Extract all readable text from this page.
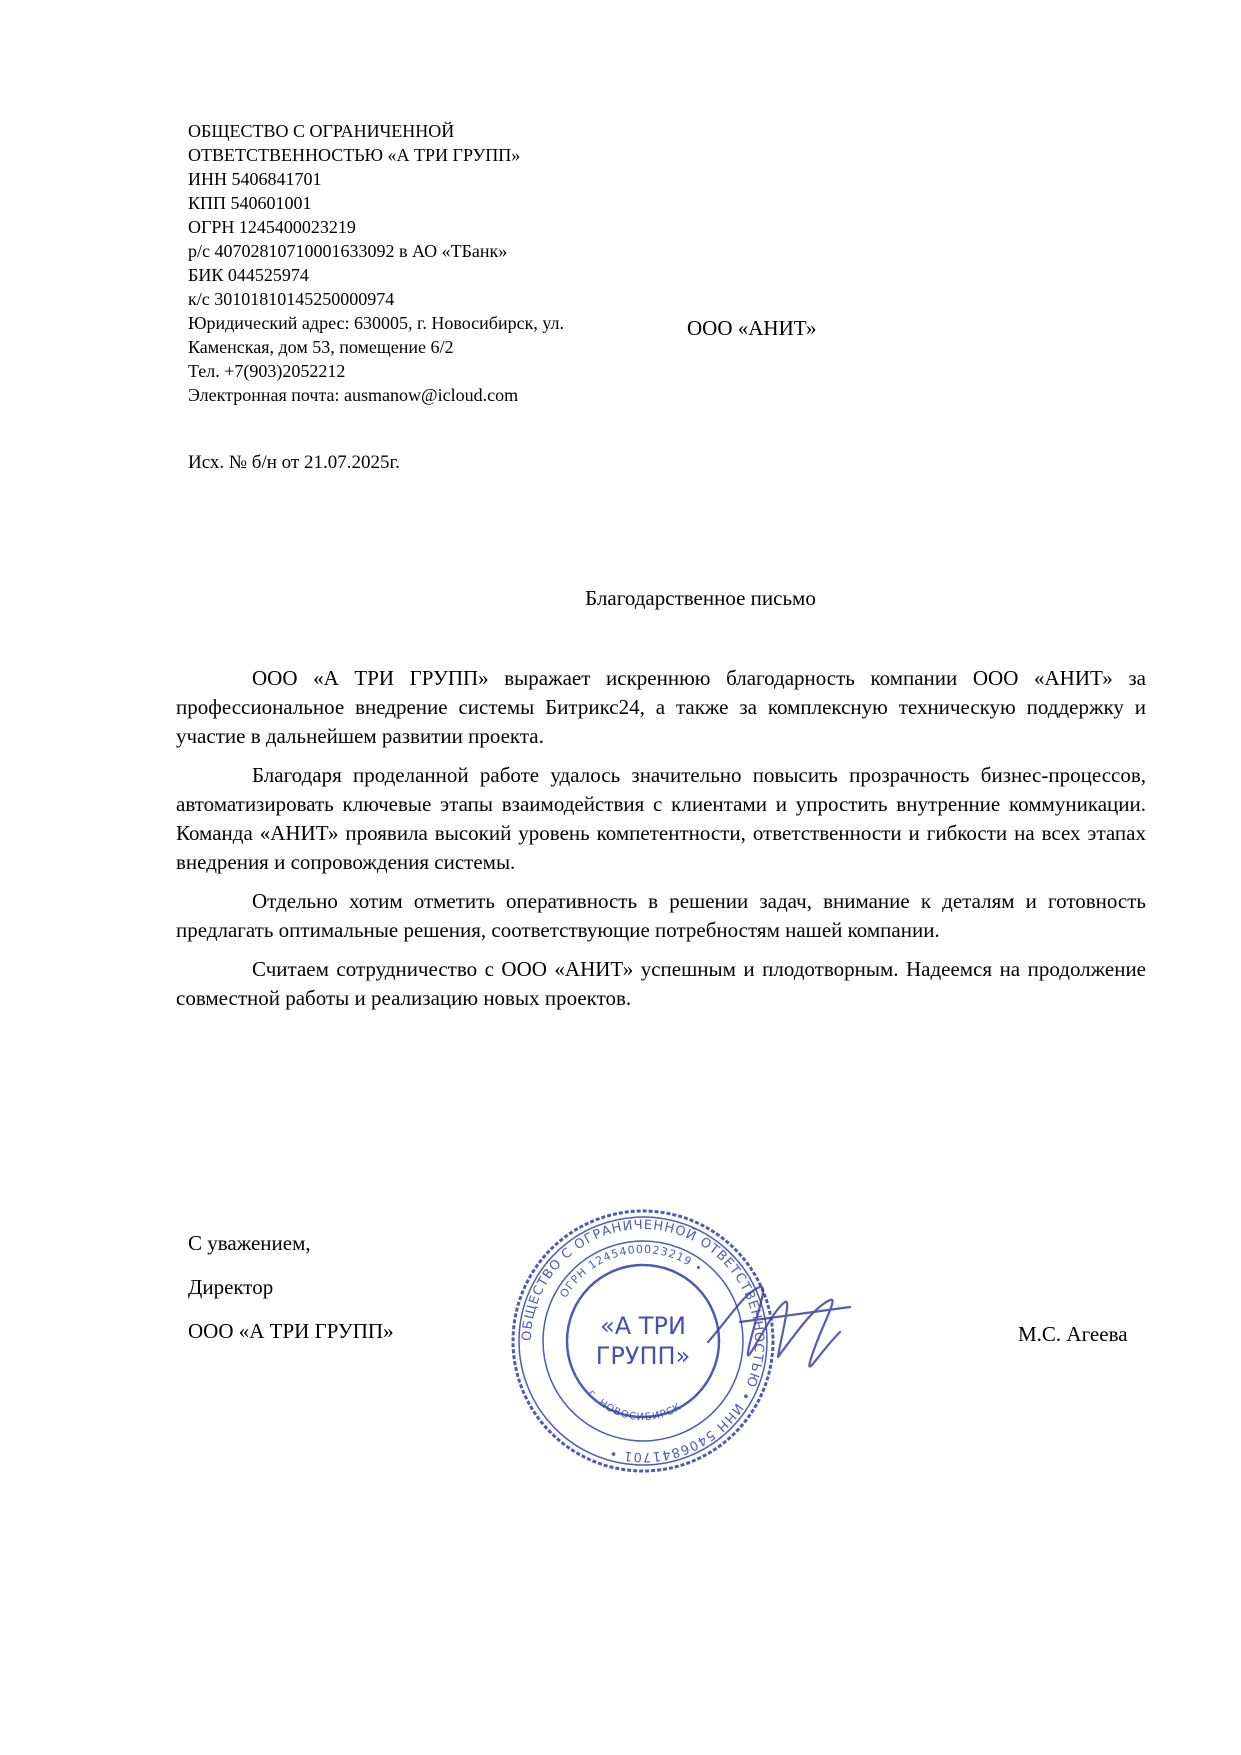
ОБЩЕСТВО С ОГРАНИЧЕННОЙ
ОТВЕТСТВЕННОСТЬЮ «А ТРИ ГРУПП»
ИНН 5406841701
КПП 540601001
ОГРН 1245400023219
р/с 40702810710001633092 в АО «ТБанк»
БИК 044525974
к/с 30101810145250000974
Юридический адрес: 630005, г. Новосибирск, ул.
Каменская, дом 53, помещение 6/2
Тел. +7(903)2052212
Электронная почта: ausmanow@icloud.com
ООО «АНИТ»
Исх. № б/н от 21.07.2025г.
Благодарственное письмо

ООО «А ТРИ ГРУПП» выражает искреннюю благодарность компании ООО «АНИТ» за профессиональное внедрение системы Битрикс24, а также за комплексную техническую поддержку и участие в дальнейшем развитии проекта.

Благодаря проделанной работе удалось значительно повысить прозрачность бизнес-процессов, автоматизировать ключевые этапы взаимодействия с клиентами и упростить внутренние коммуникации. Команда «АНИТ» проявила высокий уровень компетентности, ответственности и гибкости на всех этапах внедрения и сопровождения системы.

Отдельно хотим отметить оперативность в решении задач, внимание к деталям и готовность предлагать оптимальные решения, соответствующие потребностям нашей компании.

Считаем сотрудничество с ООО «АНИТ» успешным и плодотворным. Надеемся на продолжение совместной работы и реализацию новых проектов.

С уважением,
Директор
ООО «А ТРИ ГРУПП»	ОБЩЕСТВО С ОГРАНИЧЕННОЙ ОТВЕТСТВЕННОСТЬЮ • ИНН 5406841701 •
ОГРН 1245400023219 •
г. НОВОСИБИРСК
«А ТРИ
ГРУПП»
М.С. Агеева
